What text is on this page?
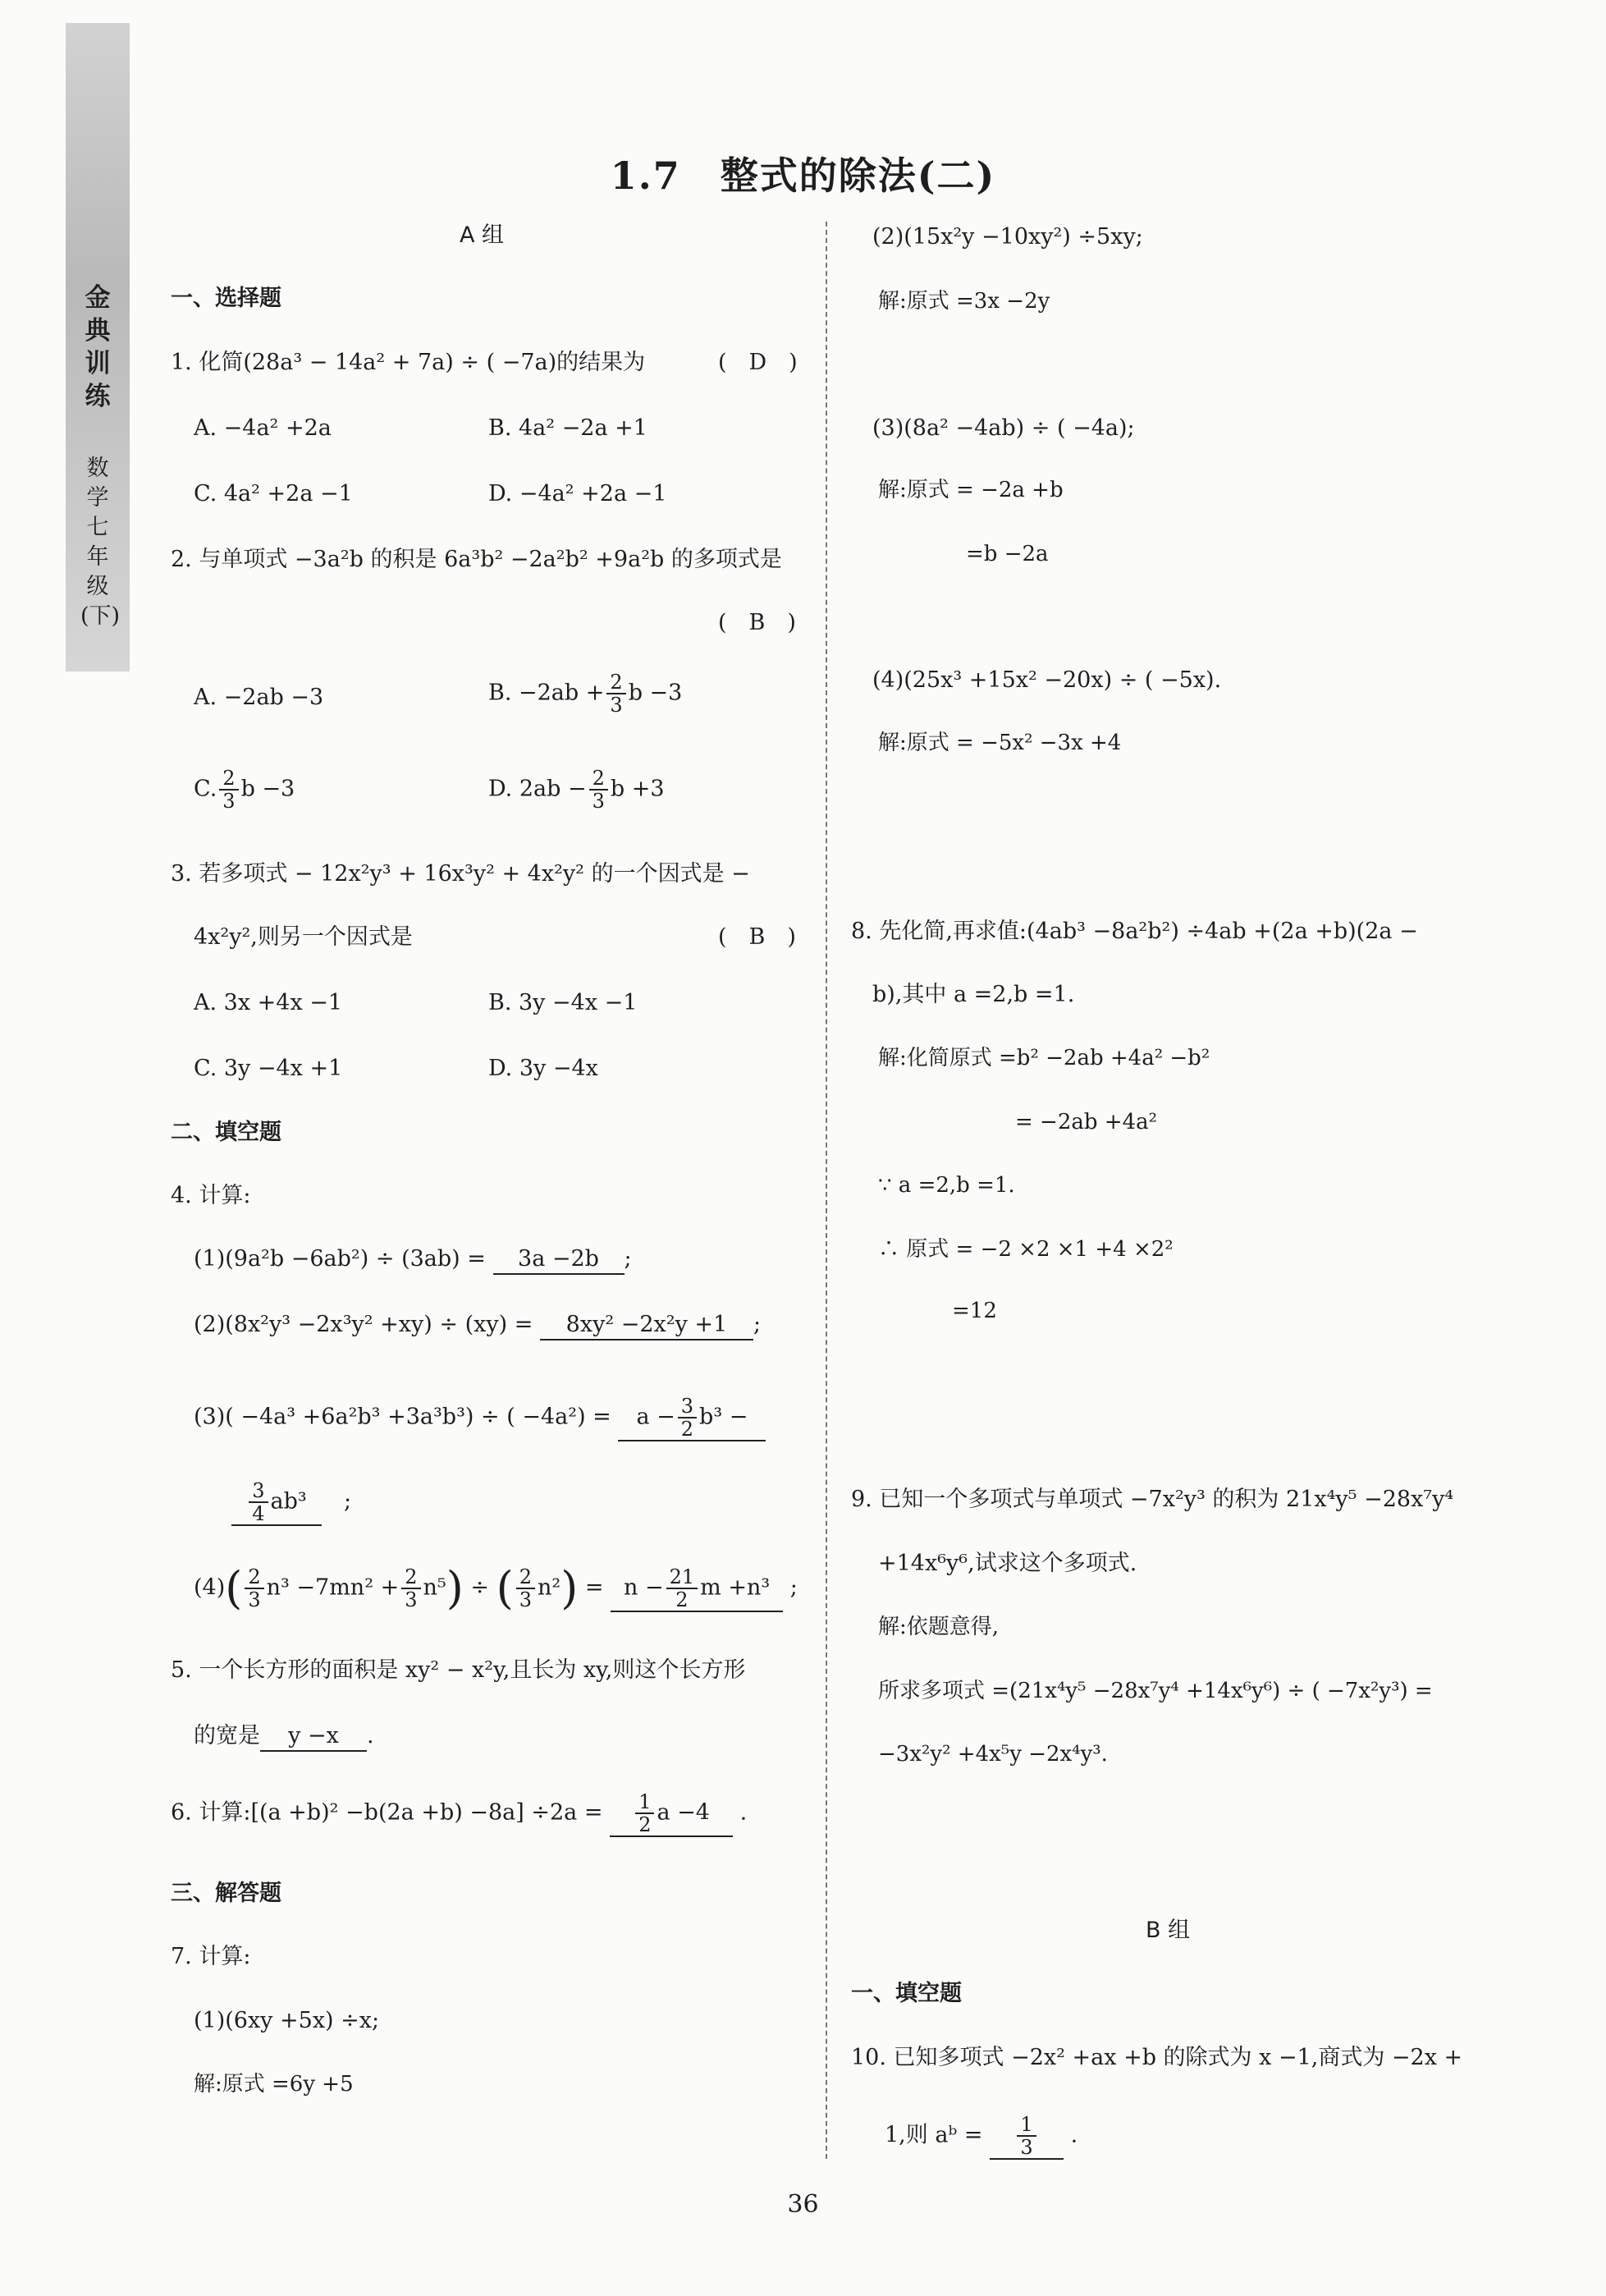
金典训练
数学 七年级(下)
1.7　整式的除法(二)
A 组
一、选择题
1. 化简(28a³ − 14a² + 7a) ÷ ( −7a)的结果为	(　D　)
A. −4a² +2a	B. 4a² −2a +1
C. 4a² +2a −1	D. −4a² +2a −1
2. 与单项式 −3a²b 的积是 6a³b² −2a²b² +9a²b 的多项式是
(　B　)
A. −2ab −3	B. $-2ab + \frac{2}{3}$ b −3
C. $\frac{2}{3}$ b −3	D. $2ab - \frac{2}{3}$ b +3
3. 若多项式 − 12x²y³ + 16x³y² + 4x²y² 的一个因式是 −
4x²y²,则另一个因式是	(　B　)
A. 3x +4x −1	B. 3y −4x −1
C. 3y −4x +1	D. 3y −4x
二、填空题
4. 计算:
(1)(9a²b −6ab²) ÷ (3ab) = 3a −2b ;
(2)(8x²y³ −2x³y² +xy) ÷ (xy) = 8xy² −2x²y +1 ;
(3)( −4a³ +6a²b³ +3a³b³) ÷ ( $-4a^2) = a - \frac{3}{2} b^3$ −
$\frac{3}{4} ab^3$　 ;
$(4)( \frac{2}{3} n^3 -7mn^2 + \frac{2}{3} n^5)$ ÷ ( $\frac{2}{3} n^2) = n - \frac{21}{2}$ m +n³ ;
5. 一个长方形的面积是 xy² − x²y,且长为 xy,则这个长方形
的宽是 y −x .
6. 计算:[(a $+b)^2 -b(2a +b) -8a] \div 2a = \frac{1}{2}$ a −4 .
三、解答题
7. 计算:
(1)(6xy +5x) ÷x;
解:原式 =6y +5
(2)(15x²y −10xy²) ÷5xy;
解:原式 =3x −2y
(3)(8a² −4ab) ÷ ( −4a);
解:原式 = −2a +b
=b −2a
(4)(25x³ +15x² −20x) ÷ ( −5x).
解:原式 = −5x² −3x +4
8. 先化简,再求值:(4ab³ −8a²b²) ÷4ab +(2a +b)(2a −
b),其中 a =2,b =1.
解:化简原式 =b² −2ab +4a² −b²
= −2ab +4a²
∵ a =2,b =1.
∴ 原式 = −2 ×2 ×1 +4 ×2²
=12
9. 已知一个多项式与单项式 −7x²y³ 的积为 21x⁴y⁵ −28x⁷y⁴
+14x⁶y⁶,试求这个多项式.
解:依题意得,
所求多项式 =(21x⁴y⁵ −28x⁷y⁴ +14x⁶y⁶) ÷ ( −7x²y³) =
−3x²y² +4x⁵y −2x⁴y³.
B 组
一、填空题
10. 已知多项式 −2x² +ax +b 的除式为 x −1,商式为 −2x +
1,则 aᵇ = $\frac{1}{3}$ .
36
